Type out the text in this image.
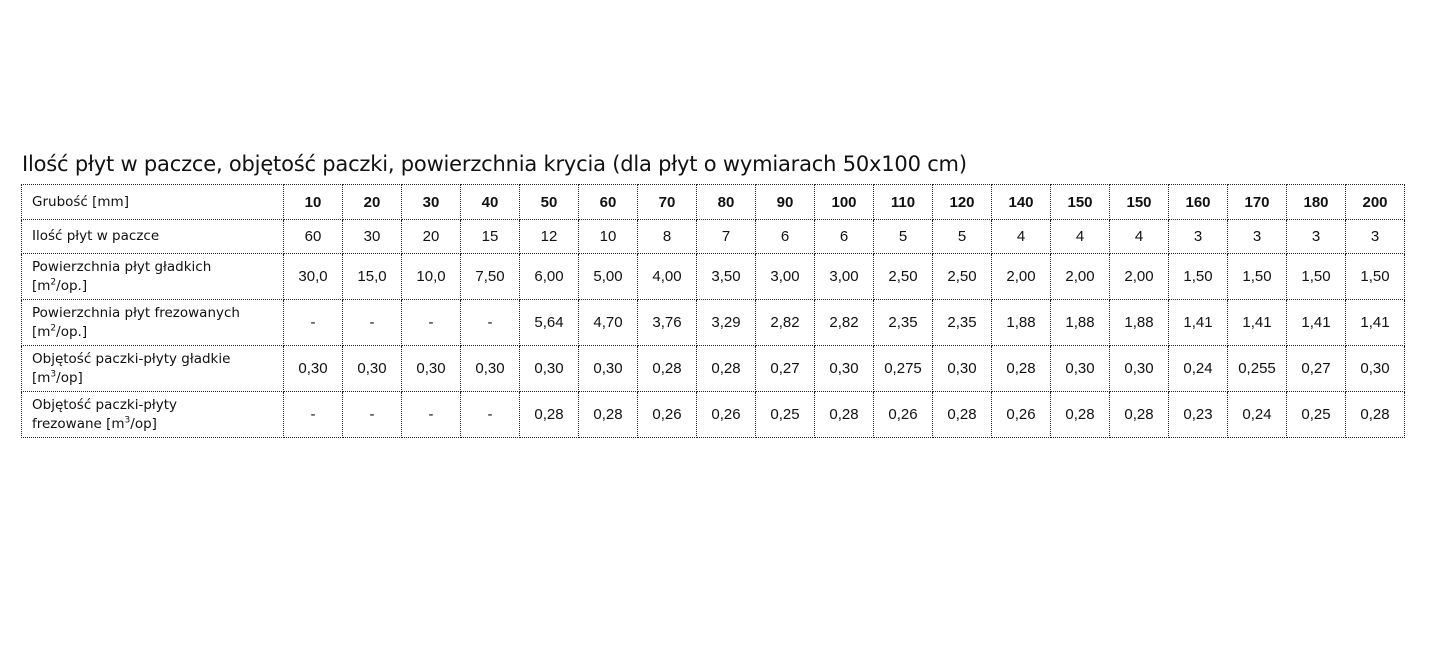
Ilość płyt w paczce, objętość paczki, powierzchnia krycia (dla płyt o wymiarach 50x100 cm)
Grubość [mm]	10	20	30	40	50	60	70	80	90	100	110	120	140	150	150	160	170	180	200
Ilość płyt w paczce	60	30	20	15	12	10	8	7	6	6	5	5	4	4	4	3	3	3	3
Powierzchnia płyt gładkich
$[m^2/op.]$	30,0	15,0	10,0	7,50	6,00	5,00	4,00	3,50	3,00	3,00	2,50	2,50	2,00	2,00	2,00	1,50	1,50	1,50	1,50
Powierzchnia płyt frezowanych
$[m^2/op.]$	-	-	-	-	5,64	4,70	3,76	3,29	2,82	2,82	2,35	2,35	1,88	1,88	1,88	1,41	1,41	1,41	1,41
Objętość paczki-płyty gładkie
$[m^3/op]$	0,30	0,30	0,30	0,30	0,30	0,30	0,28	0,28	0,27	0,30	0,275	0,30	0,28	0,30	0,30	0,24	0,255	0,27	0,30
Objętość paczki-płyty
frezowane $[m^3/op]$	-	-	-	-	0,28	0,28	0,26	0,26	0,25	0,28	0,26	0,28	0,26	0,28	0,28	0,23	0,24	0,25	0,28
